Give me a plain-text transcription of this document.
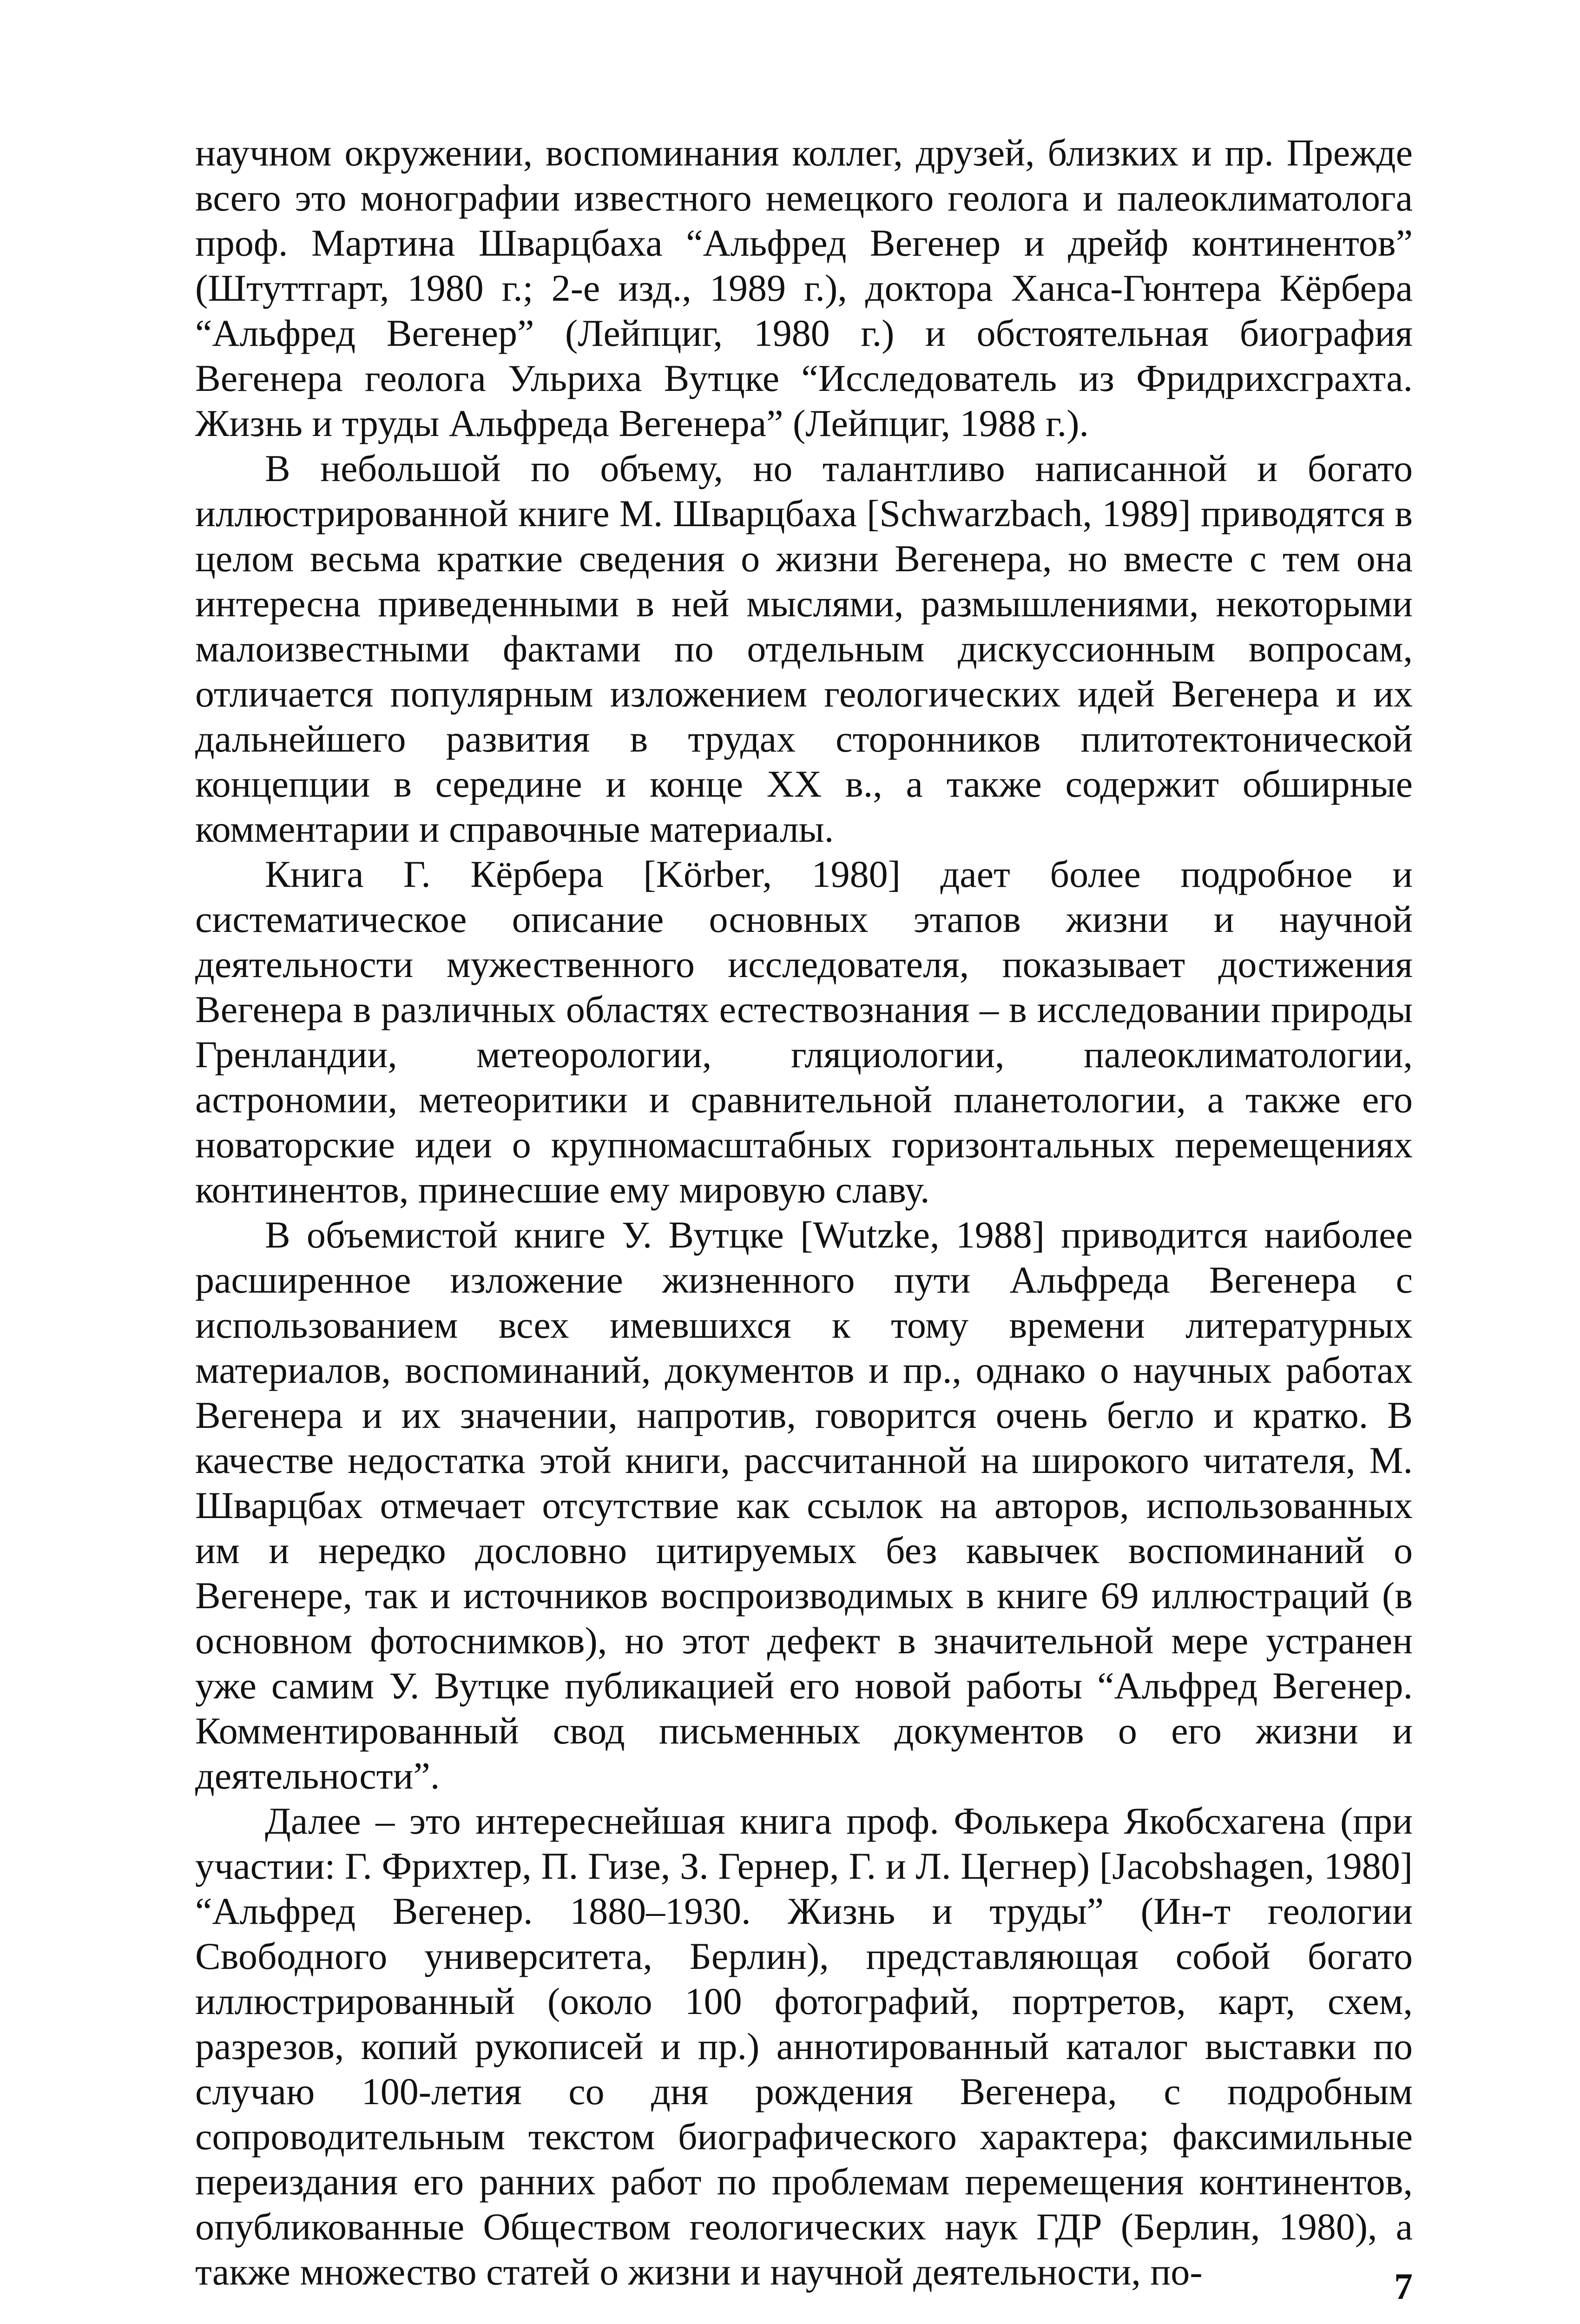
научном окружении, воспоминания коллег, друзей, близких и пр. Прежде всего это монографии известного немецкого геолога и палеоклиматолога проф. Мартина Шварцбаха “Альфред Вегенер и дрейф континентов” (Штуттгарт, 1980 г.; 2-е изд., 1989 г.), доктора Ханса-Гюнтера Кёрбера “Альфред Вегенер” (Лейпциг, 1980 г.) и обстоятельная биография Вегенера геолога Ульриха Вутцке “Исследователь из Фридрихсграхта. Жизнь и труды Альфреда Вегенера” (Лейпциг, 1988 г.).

В небольшой по объему, но талантливо написанной и богато иллюстрированной книге М. Шварцбаха [Schwarzbach, 1989] приводятся в целом весьма краткие сведения о жизни Вегенера, но вместе с тем она интересна приведенными в ней мыслями, размышлениями, некоторыми малоизвестными фактами по отдельным дискуссионным вопросам, отличается популярным изложением геологических идей Вегенера и их дальнейшего развития в трудах сторонников плитотектонической концепции в середине и конце XX в., а также содержит обширные комментарии и справочные материалы.

Книга Г. Кёрбера [Körber, 1980] дает более подробное и систематическое описание основных этапов жизни и научной деятельности мужественного исследователя, показывает достижения Вегенера в различных областях естествознания – в исследовании природы Гренландии, метеорологии, гляциологии, палеоклиматологии, астрономии, метеоритики и сравнительной планетологии, а также его новаторские идеи о крупномасштабных горизонтальных перемещениях континентов, принесшие ему мировую славу.

В объемистой книге У. Вутцке [Wutzke, 1988] приводится наиболее расширенное изложение жизненного пути Альфреда Вегенера с использованием всех имевшихся к тому времени литературных материалов, воспоминаний, документов и пр., однако о научных работах Вегенера и их значении, напротив, говорится очень бегло и кратко. В качестве недостатка этой книги, рассчитанной на широкого читателя, М. Шварцбах отмечает отсутствие как ссылок на авторов, использованных им и нередко дословно цитируемых без кавычек воспоминаний о Вегенере, так и источников воспроизводимых в книге 69 иллюстраций (в основном фотоснимков), но этот дефект в значительной мере устранен уже самим У. Вутцке публикацией его новой работы “Альфред Вегенер. Комментированный свод письменных документов о его жизни и деятельности”.

Далее – это интереснейшая книга проф. Фолькера Якобсхагена (при участии: Г. Фрихтер, П. Гизе, З. Гернер, Г. и Л. Цегнер) [Jacobshagen, 1980] “Альфред Вегенер. 1880–1930. Жизнь и труды” (Ин-т геологии Свободного университета, Берлин), представляющая собой богато иллюстрированный (около 100 фотографий, портретов, карт, схем, разрезов, копий рукописей и пр.) аннотированный каталог выставки по случаю 100-летия со дня рождения Вегенера, с подробным сопроводительным текстом биографического характера; факсимильные переиздания его ранних работ по проблемам перемещения континентов, опубликованные Обществом геологических наук ГДР (Берлин, 1980), а также множество статей о жизни и научной деятельности, по-	7
